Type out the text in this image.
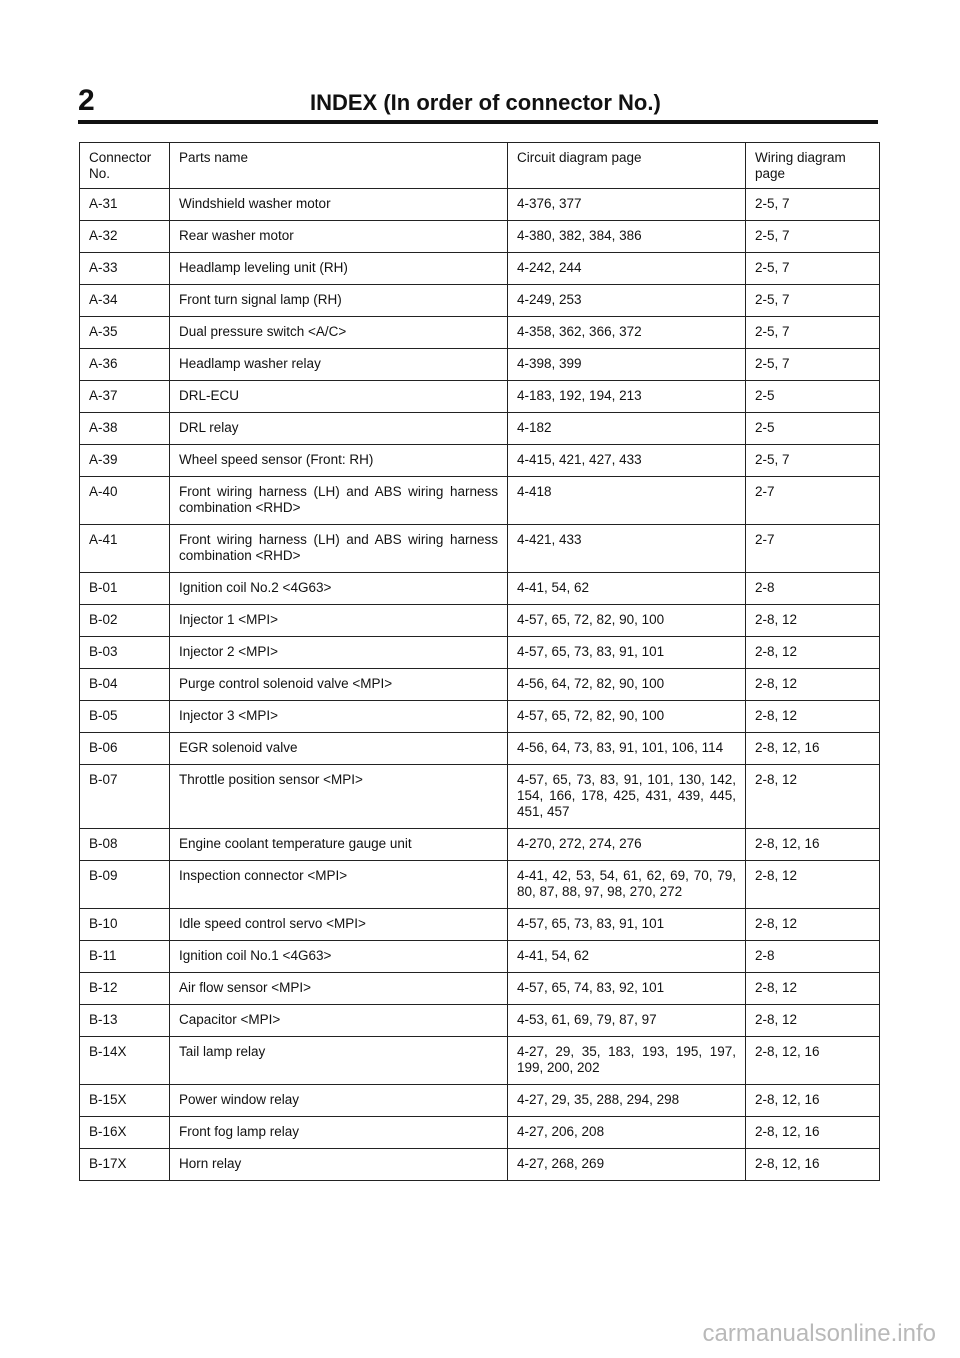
2	INDEX (In order of connector No.)
Connector No.	Parts name	Circuit diagram page	Wiring diagram page
A-31	Windshield washer motor	4-376, 377	2-5, 7
A-32	Rear washer motor	4-380, 382, 384, 386	2-5, 7
A-33	Headlamp leveling unit (RH)	4-242, 244	2-5, 7
A-34	Front turn signal lamp (RH)	4-249, 253	2-5, 7
A-35	Dual pressure switch <A/C>	4-358, 362, 366, 372	2-5, 7
A-36	Headlamp washer relay	4-398, 399	2-5, 7
A-37	DRL-ECU	4-183, 192, 194, 213	2-5
A-38	DRL relay	4-182	2-5
A-39	Wheel speed sensor (Front: RH)	4-415, 421, 427, 433	2-5, 7
A-40	Front wiring harness (LH) and ABS wiring harness combination <RHD>	4-418	2-7
A-41	Front wiring harness (LH) and ABS wiring harness combination <RHD>	4-421, 433	2-7
B-01	Ignition coil No.2 <4G63>	4-41, 54, 62	2-8
B-02	Injector 1 <MPI>	4-57, 65, 72, 82, 90, 100	2-8, 12
B-03	Injector 2 <MPI>	4-57, 65, 73, 83, 91, 101	2-8, 12
B-04	Purge control solenoid valve <MPI>	4-56, 64, 72, 82, 90, 100	2-8, 12
B-05	Injector 3 <MPI>	4-57, 65, 72, 82, 90, 100	2-8, 12
B-06	EGR solenoid valve	4-56, 64, 73, 83, 91, 101, 106, 114	2-8, 12, 16
B-07	Throttle position sensor <MPI>	4-57, 65, 73, 83, 91, 101, 130, 142, 154, 166, 178, 425, 431, 439, 445, 451, 457	2-8, 12
B-08	Engine coolant temperature gauge unit	4-270, 272, 274, 276	2-8, 12, 16
B-09	Inspection connector <MPI>	4-41, 42, 53, 54, 61, 62, 69, 70, 79, 80, 87, 88, 97, 98, 270, 272	2-8, 12
B-10	Idle speed control servo <MPI>	4-57, 65, 73, 83, 91, 101	2-8, 12
B-11	Ignition coil No.1 <4G63>	4-41, 54, 62	2-8
B-12	Air flow sensor <MPI>	4-57, 65, 74, 83, 92, 101	2-8, 12
B-13	Capacitor <MPI>	4-53, 61, 69, 79, 87, 97	2-8, 12
B-14X	Tail lamp relay	4-27, 29, 35, 183, 193, 195, 197, 199, 200, 202	2-8, 12, 16
B-15X	Power window relay	4-27, 29, 35, 288, 294, 298	2-8, 12, 16
B-16X	Front fog lamp relay	4-27, 206, 208	2-8, 12, 16
B-17X	Horn relay	4-27, 268, 269	2-8, 12, 16
carmanualsonline.info
